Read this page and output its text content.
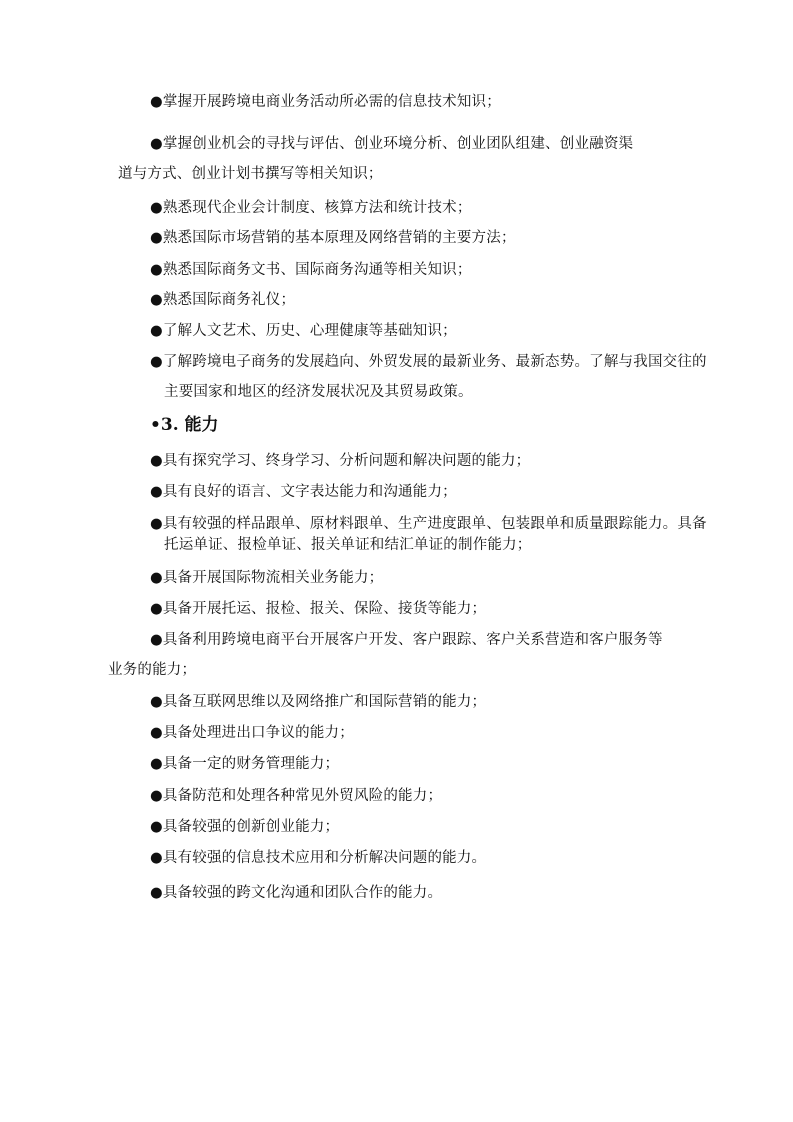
●掌握开展跨境电商业务活动所必需的信息技术知识；
●掌握创业机会的寻找与评估、创业环境分析、创业团队组建、创业融资渠
道与方式、创业计划书撰写等相关知识；
●熟悉现代企业会计制度、核算方法和统计技术；
●熟悉国际市场营销的基本原理及网络营销的主要方法；
●熟悉国际商务文书、国际商务沟通等相关知识；
●熟悉国际商务礼仪；
●了解人文艺术、历史、心理健康等基础知识；
●了解跨境电子商务的发展趋向、外贸发展的最新业务、最新态势。了解与我国交往的
主要国家和地区的经济发展状况及其贸易政策。
•3. 能力
●具有探究学习、终身学习、分析问题和解决问题的能力；
●具有良好的语言、文字表达能力和沟通能力；
●具有较强的样品跟单、原材料跟单、生产进度跟单、包装跟单和质量跟踪能力。具备
托运单证、报检单证、报关单证和结汇单证的制作能力；
●具备开展国际物流相关业务能力；
●具备开展托运、报检、报关、保险、接货等能力；
●具备利用跨境电商平台开展客户开发、客户跟踪、客户关系营造和客户服务等
业务的能力；
●具备互联网思维以及网络推广和国际营销的能力；
●具备处理进出口争议的能力；
●具备一定的财务管理能力；
●具备防范和处理各种常见外贸风险的能力；
●具备较强的创新创业能力；
●具有较强的信息技术应用和分析解决问题的能力。
●具备较强的跨文化沟通和团队合作的能力。
